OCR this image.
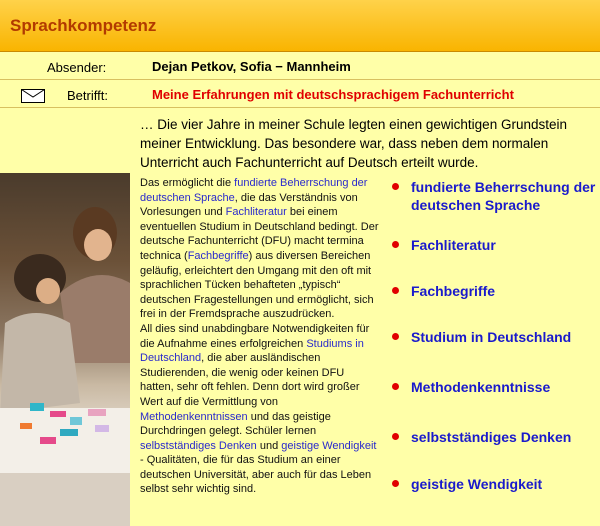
Sprachkompetenz
Absender:	Dejan Petkov, Sofia − Mannheim
Betrifft:	Meine Erfahrungen mit deutschsprachigem Fachunterricht

… Die vier Jahre in meiner Schule legten einen gewichtigen Grundstein meiner Entwicklung. Das besondere war, dass neben dem normalen Unterricht auch Fachunterricht auf Deutsch erteilt wurde.

Das ermöglicht die fundierte Beherrschung der deutschen Sprache, die das Verständnis von Vorlesungen und Fachliteratur bei einem eventuellen Studium in Deutschland bedingt. Der deutsche Fachunterricht (DFU) macht termina technica (Fachbegriffe) aus diversen Bereichen geläufig, erleichtert den Umgang mit den oft mit sprachlichen Tücken behafteten „typisch“ deutschen Fragestellungen und ermöglicht, sich frei in der Fremdsprache auszudrücken.

All dies sind unabdingbare Notwendigkeiten für die Aufnahme eines erfolgreichen Studiums in Deutschland, die aber ausländischen Studierenden, die wenig oder keinen DFU hatten, sehr oft fehlen. Denn dort wird großer Wert auf die Vermittlung von Methodenkenntnissen und das geistige Durchdringen gelegt. Schüler lernen selbstständiges Denken und geistige Wendigkeit - Qualitäten, die für das Studium an einer deutschen Universität, aber auch für das Leben selbst sehr wichtig sind.

fundierte Beherrschung der deutschen Sprache
Fachliteratur
Fachbegriffe
Studium in Deutschland
Methodenkenntnisse
selbstständiges Denken
geistige Wendigkeit
